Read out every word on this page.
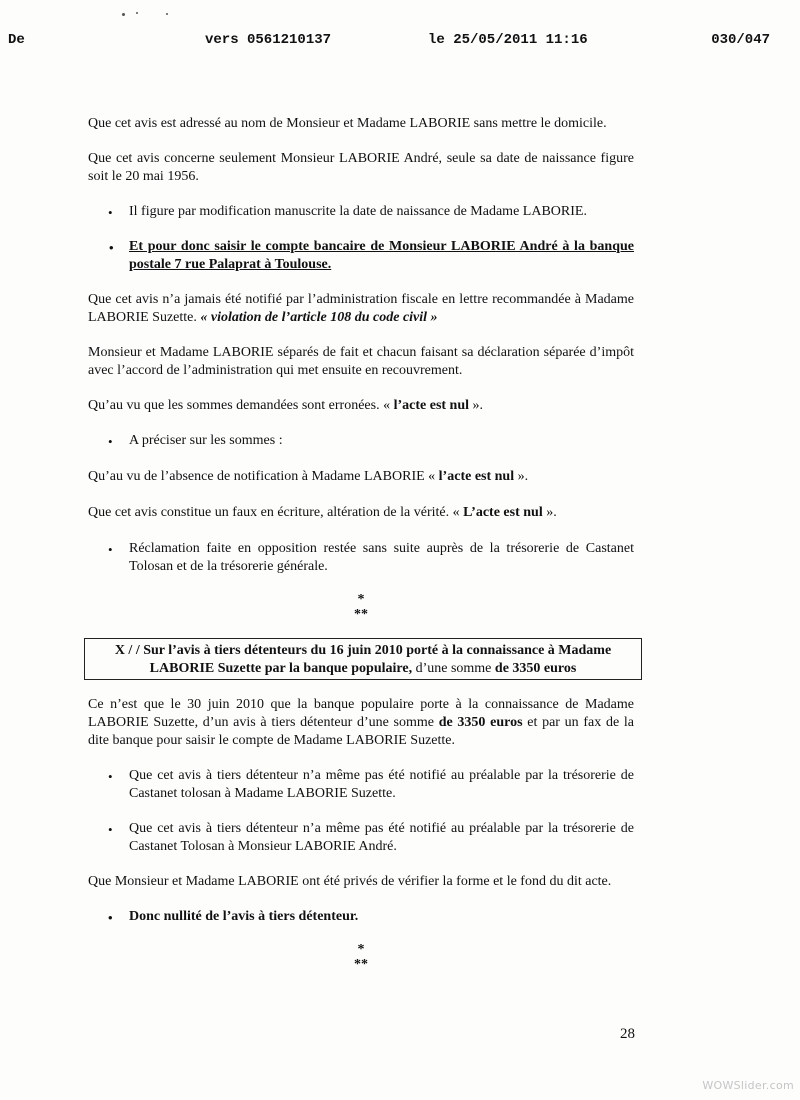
De	vers 0561210137	le 25/05/2011 11:16	030/047

Que cet avis est adressé au nom de Monsieur et Madame LABORIE sans mettre le domicile.

Que cet avis concerne seulement Monsieur LABORIE André, seule sa date de naissance figure soit le 20 mai 1956.

• Il figure par modification manuscrite la date de naissance de Madame LABORIE.
• Et pour donc saisir le compte bancaire de Monsieur LABORIE André à la banque postale 7 rue Palaprat à Toulouse.

Que cet avis n’a jamais été notifié par l’administration fiscale en lettre recommandée à Madame LABORIE Suzette. « violation de l’article 108 du code civil »

Monsieur et Madame LABORIE séparés de fait et chacun faisant sa déclaration séparée d’impôt avec l’accord de l’administration qui met ensuite en recouvrement.

Qu’au vu que les sommes demandées sont erronées. « l’acte est nul ».

• A préciser sur les sommes :

Qu’au vu de l’absence de notification à Madame LABORIE « l’acte est nul ».

Que cet avis constitue un faux en écriture, altération de la vérité. « L’acte est nul ».

• Réclamation faite en opposition restée sans suite auprès de la trésorerie de Castanet Tolosan et de la trésorerie générale.
*
**
X / / Sur l’avis à tiers détenteurs du 16 juin 2010 porté à la connaissance à Madame LABORIE Suzette par la banque populaire, d’une somme de 3350 euros

Ce n’est que le 30 juin 2010 que la banque populaire porte à la connaissance de Madame LABORIE Suzette, d’un avis à tiers détenteur d’une somme de 3350 euros et par un fax de la dite banque pour saisir le compte de Madame LABORIE Suzette.

• Que cet avis à tiers détenteur n’a même pas été notifié au préalable par la trésorerie de Castanet tolosan à Madame LABORIE Suzette.
• Que cet avis à tiers détenteur n’a même pas été notifié au préalable par la trésorerie de Castanet Tolosan à Monsieur LABORIE André.

Que Monsieur et Madame LABORIE ont été privés de vérifier la forme et le fond du dit acte.

• Donc nullité de l’avis à tiers détenteur.
*
**
28
WOWSlider.com
